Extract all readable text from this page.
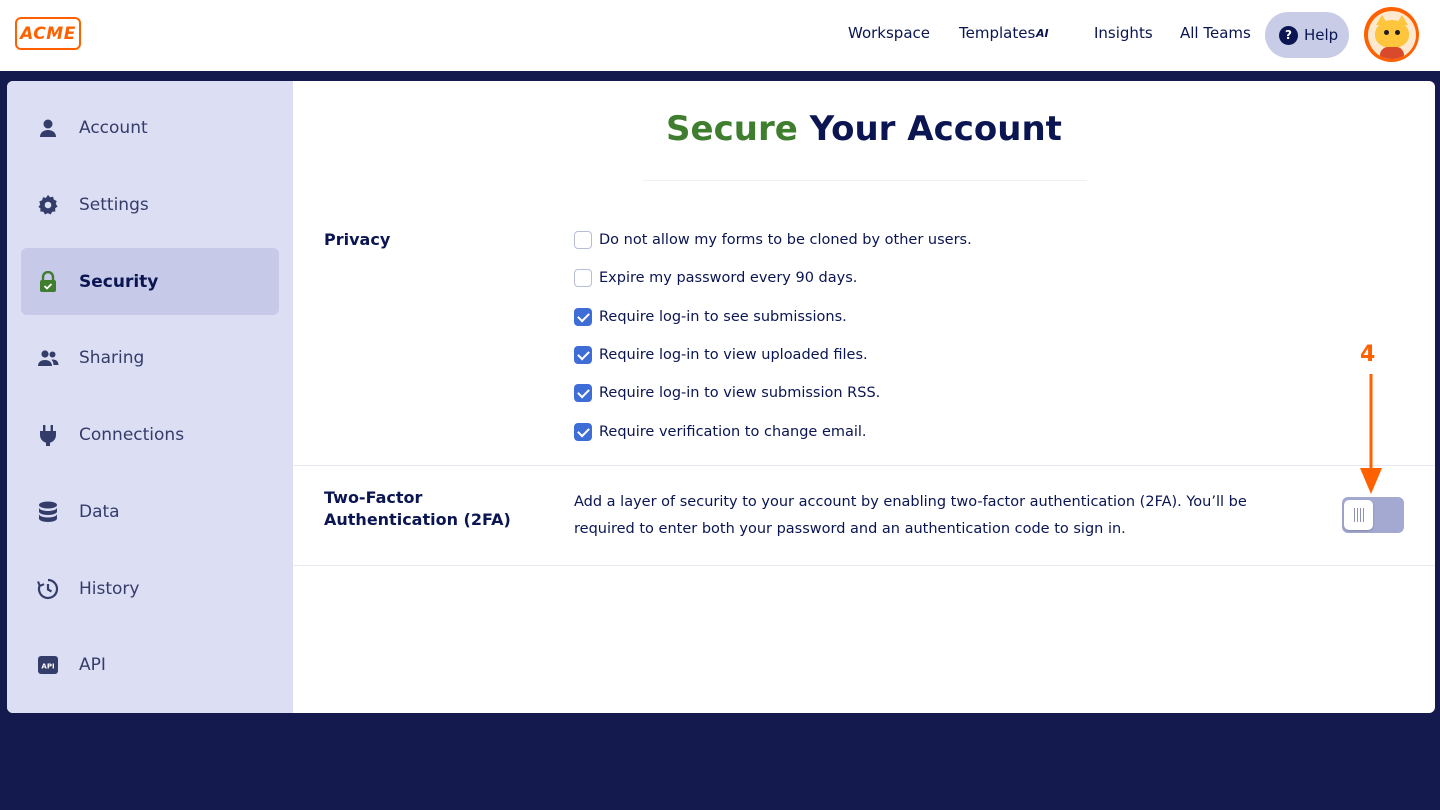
ACME	Workspace Templates AI	Insights All Teams	? Help
Account
Settings
Security
Sharing
Connections
Data
History
API API
Secure Your Account
Privacy	Do not allow my forms to be cloned by other users.
Expire my password every 90 days.
Require log-in to see submissions.
Require log-in to view uploaded files.
Require log-in to view submission RSS.
Require verification to change email.
Two-Factor Authentication (2FA)
Add a layer of security to your account by enabling two-factor authentication (2FA). You’ll be required to enter both your password and an authentication code to sign in.
4
